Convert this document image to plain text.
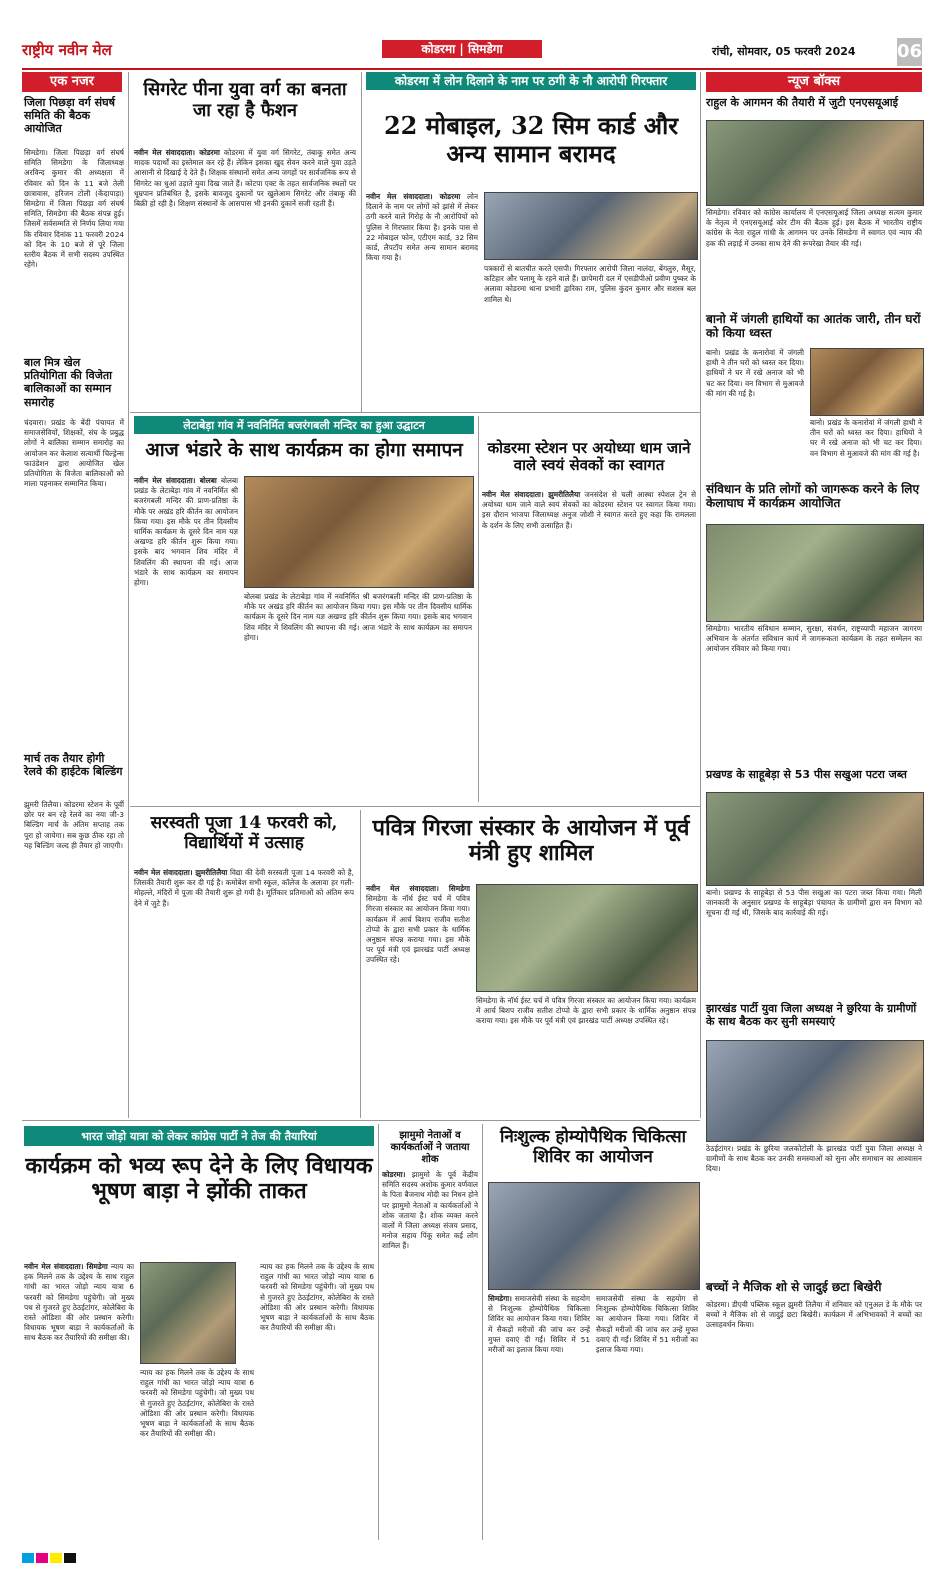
राष्ट्रीय नवीन मेल	कोडरमा | सिमडेगा	रांची, सोमवार, 05 फरवरी 2024 06
एक नजर
जिला पिछड़ा वर्ग संघर्ष समिति की बैठक आयोजित
सिमडेगा। जिला पिछड़ा वर्ग संघर्ष समिति सिमडेगा के जिलाध्यक्ष अरविन्द कुमार की अध्यक्षता में रविवार को दिन के 11 बजे तेली छात्रावास, हरिजन टोली (केंदापाड़ा) सिमडेगा में जिला पिछड़ा वर्ग संघर्ष समिति, सिमडेगा की बैठक संपन्न हुई। जिसमें सर्वसम्मति से निर्णय लिया गया कि रविवार दिनांक 11 फरवरी 2024 को दिन के 10 बजे से पूरे जिला स्तरीय बैठक में सभी सदस्य उपस्थित रहेंगे।
बाल मित्र खेल प्रतियोगिता की विजेता बालिकाओं का सम्मान समारोह
चंदवारा। प्रखंड के बेंदी पंचायत में समाजसेवियों, शिक्षकों, संघ के प्रबुद्ध लोगों ने बालिका सम्मान समारोह का आयोजन कर केलाश सत्यार्थी चिल्ड्रेन्स फाउंडेशन द्वारा आयोजित खेल प्रतियोगिता के विजेता बालिकाओं को माला पहनाकर सम्मानित किया।
मार्च तक तैयार होगी रेलवे की हाईटेक बिल्डिंग
झुमरी तिलैया। कोडरमा स्टेशन के पूर्वी छोर पर बन रहे रेलवे का नया जी-3 बिल्डिंग मार्च के अंतिम सप्ताह तक पूरा हो जायेगा। सब कुछ ठीक रहा तो यह बिल्डिंग जल्द ही तैयार हो जाएगी।
सिगरेट पीना युवा वर्ग का बनता जा रहा है फैशन
नवीन मेल संवाददाता। कोडरमा कोडरमा में युवा वर्ग सिगरेट, तंबाकू समेत अन्य मादक पदार्थों का इस्तेमाल कर रहे हैं। लेकिन इसका खुद सेवन करने वाले युवा उड़ते आसानी से दिखाई दे देते हैं। शिक्षक संस्थानों समेत अन्य जगहों पर सार्वजनिक रूप से सिगरेट का धुआं उड़ाते युवा दिख जाते हैं। कोटपा एक्ट के तहत सार्वजनिक स्थलों पर धूम्रपान प्रतिबंधित है, इसके बावजूद दुकानों पर खुलेआम सिगरेट और तंबाकू की बिक्री हो रही है। शिक्षण संस्थानों के आसपास भी इनकी दुकानें सजी रहती हैं।
कोडरमा में लोन दिलाने के नाम पर ठगी के नौ आरोपी गिरफ्तार
22 मोबाइल, 32 सिम कार्ड और अन्य सामान बरामद
नवीन मेल संवाददाता। कोडरमा लोन दिलाने के नाम पर लोगों को झांसे में लेकर ठगी करने वाले गिरोह के नौ आरोपियों को पुलिस ने गिरफ्तार किया है। इनके पास से 22 मोबाइल फोन, एटीएम कार्ड, 32 सिम कार्ड, लैपटॉप समेत अन्य सामान बरामद किया गया है।
पत्रकारों से बातचीत करते एसपी। गिरफ्तार आरोपी जिला नालंदा, बेंगलुरु, मैसूर, कटिहार और पलामू के रहने वाले हैं। छापेमारी दल में एसडीपीओ प्रवीण पुष्कर के अलावा कोडरमा थाना प्रभारी द्वारिका राम, पुलिस कुंदन कुमार और सशस्त्र बल शामिल थे।
लेटाबेड़ा गांव में नवनिर्मित बजरंगबली मन्दिर का हुआ उद्घाटन
आज भंडारे के साथ कार्यक्रम का होगा समापन
नवीन मेल संवाददाता। बोलबा बोलबा प्रखंड के लेटाबेड़ा गांव में नवनिर्मित श्री बजरंगबली मन्दिर की प्राण-प्रतिष्ठा के मौके पर अखंड हरि कीर्तन का आयोजन किया गया। इस मौके पर तीन दिवसीय धार्मिक कार्यक्रम के दूसरे दिन नाम यज्ञ अखण्ड हरि कीर्तन शुरू किया गया। इसके बाद भगवान शिव मंदिर में शिवलिंग की स्थापना की गई। आज भंडारे के साथ कार्यक्रम का समापन होगा।
बोलबा प्रखंड के लेटाबेड़ा गांव में नवनिर्मित श्री बजरंगबली मन्दिर की प्राण-प्रतिष्ठा के मौके पर अखंड हरि कीर्तन का आयोजन किया गया। इस मौके पर तीन दिवसीय धार्मिक कार्यक्रम के दूसरे दिन नाम यज्ञ अखण्ड हरि कीर्तन शुरू किया गया। इसके बाद भगवान शिव मंदिर में शिवलिंग की स्थापना की गई। आज भंडारे के साथ कार्यक्रम का समापन होगा।
कोडरमा स्टेशन पर अयोध्या धाम जाने वाले स्वयं सेवकों का स्वागत
नवीन मेल संवाददाता। झुमरीतिलैया जनसंदेश से चली आस्था स्पेशल ट्रेन से अयोध्या धाम जाने वाले स्वयं सेवकों का कोडरमा स्टेशन पर स्वागत किया गया। इस दौरान भाजपा जिलाध्यक्ष अनुज जोशी ने स्वागत करते हुए कहा कि रामलला के दर्शन के लिए सभी उत्साहित हैं।
सरस्वती पूजा 14 फरवरी को, विद्यार्थियों में उत्साह
नवीन मेल संवाददाता। झुमरीतिलैया विद्या की देवी सरस्वती पूजा 14 फरवरी को है, जिसकी तैयारी शुरू कर दी गई है। कमोबेश सभी स्कूल, कॉलेज के अलावा हर गली-मोहल्ले, मंदिरों में पूजा की तैयारी शुरू हो गयी है। मूर्तिकार प्रतिमाओं को अंतिम रूप देने में जुटे हैं।
पवित्र गिरजा संस्कार के आयोजन में पूर्व मंत्री हुए शामिल
नवीन मेल संवाददाता। सिमडेगा सिमडेगा के नॉर्थ ईस्ट चर्च में पवित्र गिरजा संस्कार का आयोजन किया गया। कार्यक्रम में आर्च बिशप राजीव सतीश टोप्पो के द्वारा सभी प्रकार के धार्मिक अनुष्ठान संपन्न कराया गया। इस मौके पर पूर्व मंत्री एवं झारखंड पार्टी अध्यक्ष उपस्थित रहे।
सिमडेगा के नॉर्थ ईस्ट चर्च में पवित्र गिरजा संस्कार का आयोजन किया गया। कार्यक्रम में आर्च बिशप राजीव सतीश टोप्पो के द्वारा सभी प्रकार के धार्मिक अनुष्ठान संपन्न कराया गया। इस मौके पर पूर्व मंत्री एवं झारखंड पार्टी अध्यक्ष उपस्थित रहे।
भारत जोड़ो यात्रा को लेकर कांग्रेस पार्टी ने तेज की तैयारियां
कार्यक्रम को भव्य रूप देने के लिए विधायक भूषण बाड़ा ने झोंकी ताकत
नवीन मेल संवाददाता। सिमडेगा न्याय का हक मिलने तक के उद्देश्य के साथ राहुल गांधी का भारत जोड़ो न्याय यात्रा 6 फरवरी को सिमडेगा पहुंचेगी। जो मुख्य पथ से गुजरते हुए ठेठईटांगर, कोलेबिरा के रास्ते ओडिशा की ओर प्रस्थान करेगी। विधायक भूषण बाड़ा ने कार्यकर्ताओं के साथ बैठक कर तैयारियों की समीक्षा की।
न्याय का हक मिलने तक के उद्देश्य के साथ राहुल गांधी का भारत जोड़ो न्याय यात्रा 6 फरवरी को सिमडेगा पहुंचेगी। जो मुख्य पथ से गुजरते हुए ठेठईटांगर, कोलेबिरा के रास्ते ओडिशा की ओर प्रस्थान करेगी। विधायक भूषण बाड़ा ने कार्यकर्ताओं के साथ बैठक कर तैयारियों की समीक्षा की।
न्याय का हक मिलने तक के उद्देश्य के साथ राहुल गांधी का भारत जोड़ो न्याय यात्रा 6 फरवरी को सिमडेगा पहुंचेगी। जो मुख्य पथ से गुजरते हुए ठेठईटांगर, कोलेबिरा के रास्ते ओडिशा की ओर प्रस्थान करेगी। विधायक भूषण बाड़ा ने कार्यकर्ताओं के साथ बैठक कर तैयारियों की समीक्षा की।
झामुमो नेताओं व कार्यकर्ताओं ने जताया शोक
कोडरमा। झामुमो के पूर्व केंद्रीय समिति सदस्य अशोक कुमार वर्णवाल के पिता बैजनाथ मोदी का निधन होने पर झामुमो नेताओं व कार्यकर्ताओं ने शोक जताया है। शोक व्यक्त करने वालों में जिला अध्यक्ष संजय प्रसाद, मनोज सहाय पिंकू समेत कई लोग शामिल हैं।
निःशुल्क होम्योपैथिक चिकित्सा शिविर का आयोजन
सिमडेगा। समाजसेवी संस्था के सहयोग से निःशुल्क होम्योपैथिक चिकित्सा शिविर का आयोजन किया गया। शिविर में सैकड़ों मरीजों की जांच कर उन्हें मुफ्त दवाएं दी गईं। शिविर में 51 मरीजों का इलाज किया गया।
समाजसेवी संस्था के सहयोग से निःशुल्क होम्योपैथिक चिकित्सा शिविर का आयोजन किया गया। शिविर में सैकड़ों मरीजों की जांच कर उन्हें मुफ्त दवाएं दी गईं। शिविर में 51 मरीजों का इलाज किया गया।
न्यूज बॉक्स
राहुल के आगमन की तैयारी में जुटी एनएसयूआई
सिमडेगा। रविवार को कांग्रेस कार्यालय में एनएसयूआई जिला अध्यक्ष सत्यम कुमार के नेतृत्व में एनएसयूआई कोर टीम की बैठक हुई। इस बैठक में भारतीय राष्ट्रीय कांग्रेस के नेता राहुल गांधी के आगमन पर उनके सिमडेगा में स्वागत एवं न्याय की हक की लड़ाई में उनका साथ देने की रूपरेखा तैयार की गई।
बानो में जंगली हाथियों का आतंक जारी, तीन घरों को किया ध्वस्त
बानो। प्रखंड के कनारोवां में जंगली हाथी ने तीन घरों को ध्वस्त कर दिया। हाथियों ने घर में रखे अनाज को भी चट कर दिया। वन विभाग से मुआवजे की मांग की गई है।
बानो। प्रखंड के कनारोवां में जंगली हाथी ने तीन घरों को ध्वस्त कर दिया। हाथियों ने घर में रखे अनाज को भी चट कर दिया। वन विभाग से मुआवजे की मांग की गई है।
संविधान के प्रति लोगों को जागरूक करने के लिए केलाघाघ में कार्यक्रम आयोजित
सिमडेगा। भारतीय संविधान सम्मान, सुरक्षा, संवर्धन, राष्ट्रव्यापी महाजन जागरण अभियान के अंतर्गत संविधान कार्य में जागरूकता कार्यक्रम के तहत सम्मेलन का आयोजन रविवार को किया गया।
प्रखण्ड के साहूबेड़ा से 53 पीस सखुआ पटरा जब्त
बानो। प्रखण्ड के साहूबेड़ा से 53 पीस सखुआ का पटरा जब्त किया गया। मिली जानकारी के अनुसार प्रखण्ड के साहूबेड़ा पंचायत के ग्रामीणों द्वारा वन विभाग को सूचना दी गई थी, जिसके बाद कार्रवाई की गई।
झारखंड पार्टी युवा जिला अध्यक्ष ने छुरिया के ग्रामीणों के साथ बैठक कर सुनी समस्याएं
ठेठईटांगर। प्रखंड के छुरिया जलकोटोली के झारखंड पार्टी युवा जिला अध्यक्ष ने ग्रामीणों के साथ बैठक कर उनकी समस्याओं को सुना और समाधान का आश्वासन दिया।
बच्चों ने मैजिक शो से जादुई छटा बिखेरी
कोडरमा। डीएवी पब्लिक स्कूल झुमरी तिलैया में शनिवार को एनुअल डे के मौके पर बच्चों ने मैजिक शो से जादुई छटा बिखेरी। कार्यक्रम में अभिभावकों ने बच्चों का उत्साहवर्धन किया।
